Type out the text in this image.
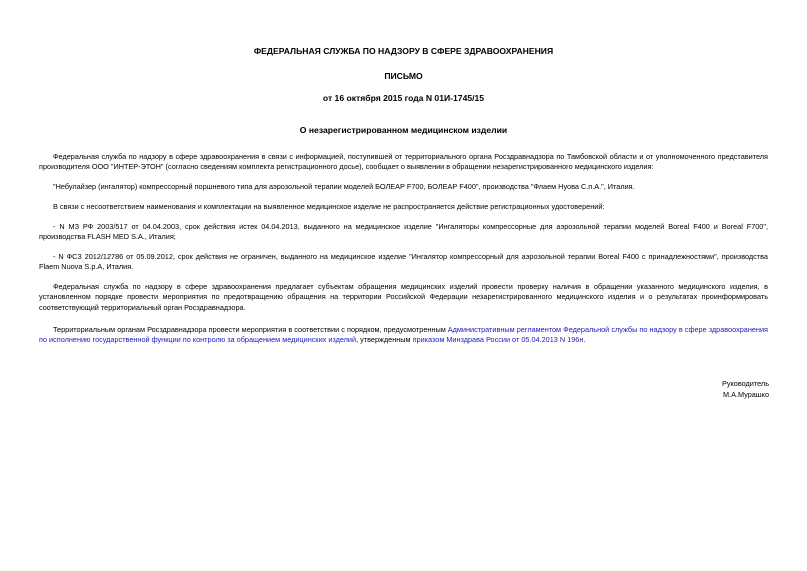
ФЕДЕРАЛЬНАЯ СЛУЖБА ПО НАДЗОРУ В СФЕРЕ ЗДРАВООХРАНЕНИЯ
ПИСЬМО
от 16 октября 2015 года N 01И-1745/15
О незарегистрированном медицинском изделии

Федеральная служба по надзору в сфере здравоохранения в связи с информацией, поступившей от территориального органа Росздравнадзора по Тамбовской области и от уполномоченного представителя производителя ООО "ИНТЕР-ЭТОН" (согласно сведениям комплекта регистрационного досье), сообщает о выявлении в обращении незарегистрированного медицинского изделия:

"Небулайзер (ингалятор) компрессорный поршневого типа для аэрозольной терапии моделей БОЛЕАР F700, БОЛЕАР F400", производства "Флаем Нуова С.п.А.", Италия.

В связи с несоответствием наименования и комплектации на выявленное медицинское изделие не распространяется действие регистрационных удостоверений:

- N МЗ РФ 2003/517 от 04.04.2003, срок действия истек 04.04.2013, выданного на медицинское изделие "Ингаляторы компрессорные для аэрозольной терапии моделей Boreal F400 и Boreal F700", производства FLASH MED S.A., Италия;

- N ФСЗ 2012/12786 от 05.09.2012, срок действия не ограничен, выданного на медицинское изделие "Ингалятор компрессорный для аэрозольной терапии Boreal F400 с принадлежностями", производства Flaem Nuova S.p.A, Италия.

Федеральная служба по надзору в сфере здравоохранения предлагает субъектам обращения медицинских изделий провести проверку наличия в обращении указанного медицинского изделия, в установленном порядке провести мероприятия по предотвращению обращения на территории Российской Федерации незарегистрированного медицинского изделия и о результатах проинформировать соответствующий территориальный орган Росздравнадзора.

Территориальным органам Росздравнадзора провести мероприятия в соответствии с порядком, предусмотренным Административным регламентом Федеральной службы по надзору в сфере здравоохранения по исполнению государственной функции по контролю за обращением медицинских изделий, утвержденным приказом Минздрава России от 05.04.2013 N 196н.

Руководитель
М.А.Мурашко
